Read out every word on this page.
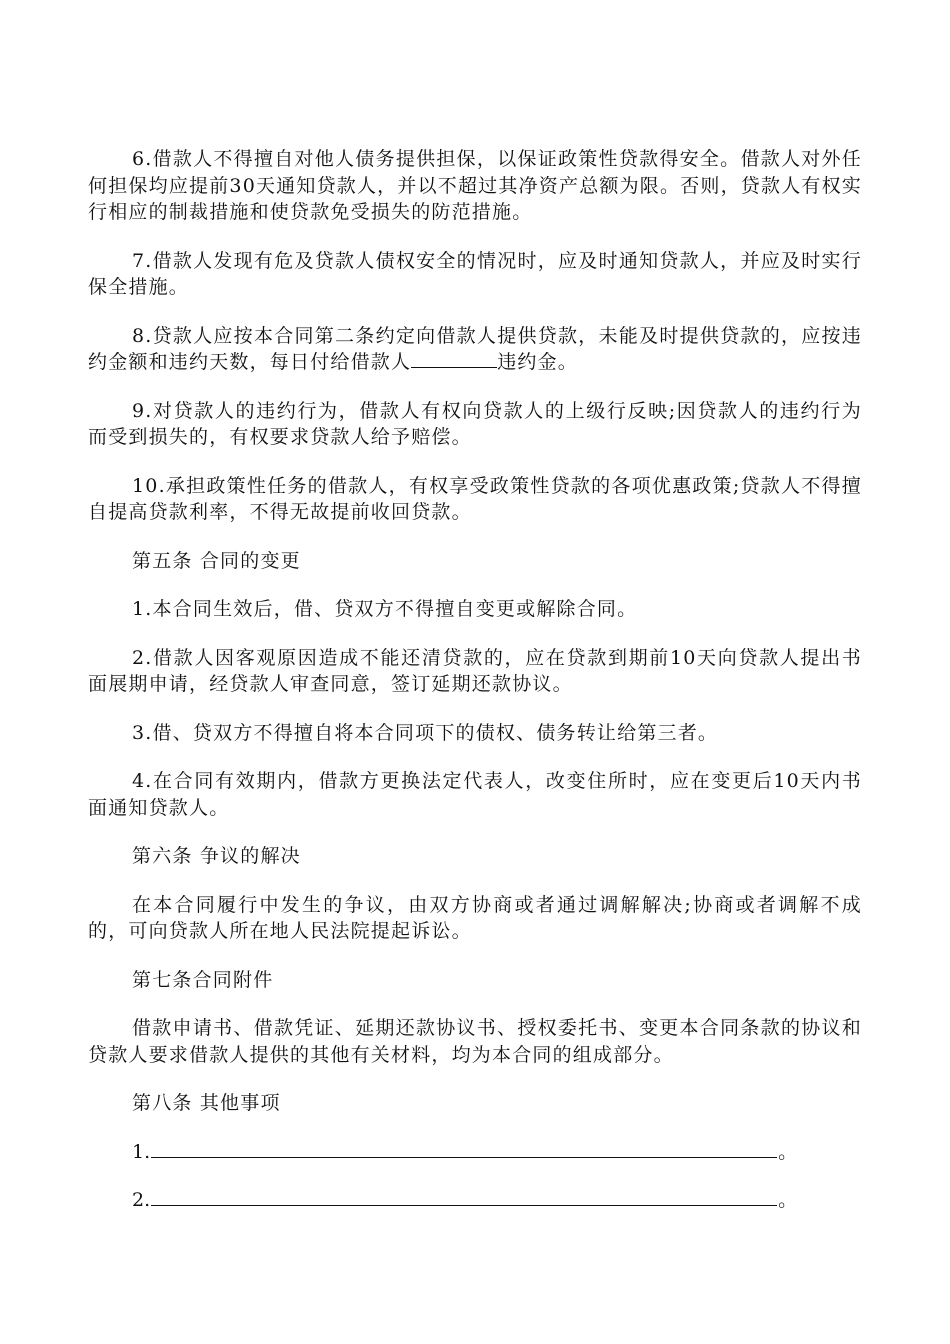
6.借款人不得擅自对他人债务提供担保，以保证政策性贷款得安全。借款人对外任何担保均应提前30天通知贷款人，并以不超过其净资产总额为限。否则，贷款人有权实行相应的制裁措施和使贷款免受损失的防范措施。

7.借款人发现有危及贷款人债权安全的情况时，应及时通知贷款人，并应及时实行保全措施。

8.贷款人应按本合同第二条约定向借款人提供贷款，未能及时提供贷款的，应按违约金额和违约天数，每日付给借款人	违约金。

9.对贷款人的违约行为，借款人有权向贷款人的上级行反映;因贷款人的违约行为而受到损失的，有权要求贷款人给予赔偿。

10.承担政策性任务的借款人，有权享受政策性贷款的各项优惠政策;贷款人不得擅自提高贷款利率，不得无故提前收回贷款。

第五条 合同的变更

1.本合同生效后，借、贷双方不得擅自变更或解除合同。

2.借款人因客观原因造成不能还清贷款的，应在贷款到期前10天向贷款人提出书面展期申请，经贷款人审查同意，签订延期还款协议。

3.借、贷双方不得擅自将本合同项下的债权、债务转让给第三者。

4.在合同有效期内，借款方更换法定代表人，改变住所时，应在变更后10天内书面通知贷款人。

第六条 争议的解决

在本合同履行中发生的争议，由双方协商或者通过调解解决;协商或者调解不成的，可向贷款人所在地人民法院提起诉讼。

第七条合同附件

借款申请书、借款凭证、延期还款协议书、授权委托书、变更本合同条款的协议和贷款人要求借款人提供的其他有关材料，均为本合同的组成部分。

第八条 其他事项

1.	。
2.	。
